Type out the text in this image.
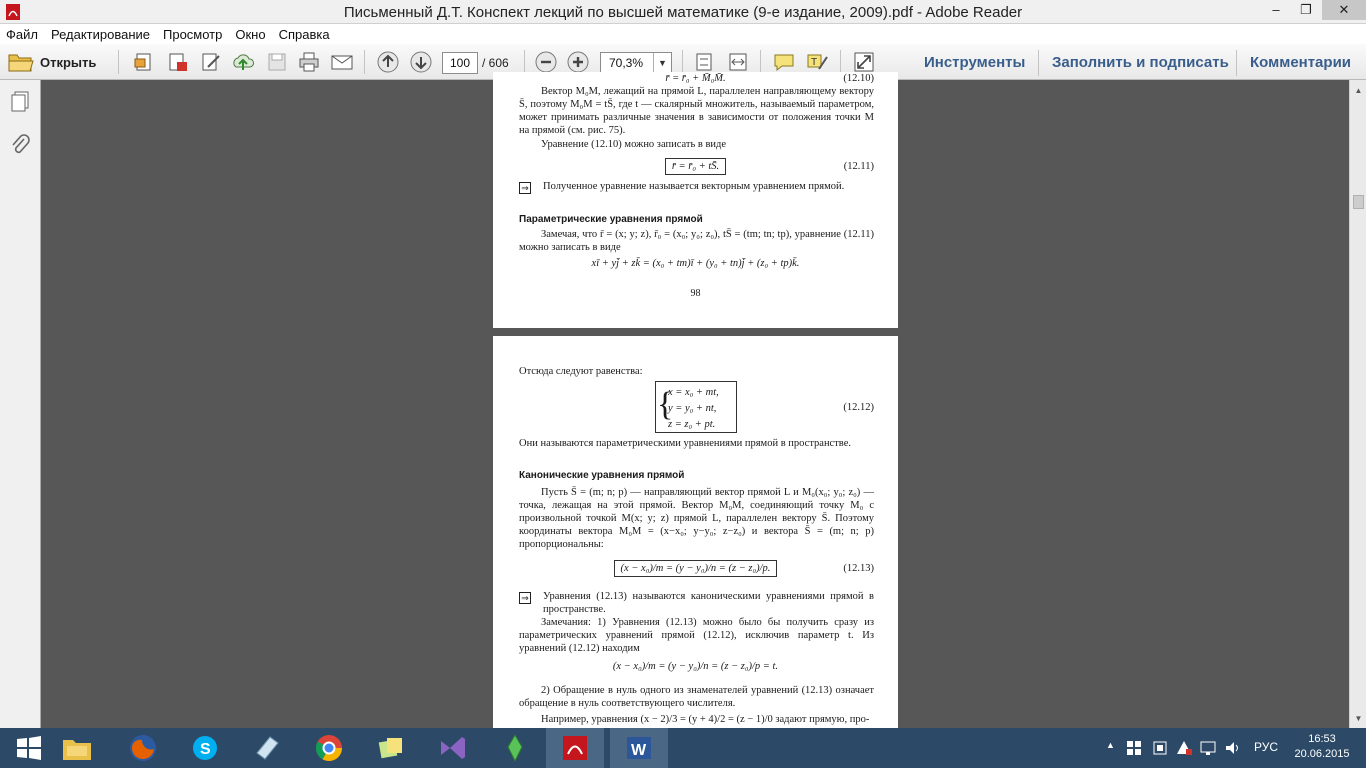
Письменный Д.Т. Конспект лекций по высшей математике (9-е издание, 2009).pdf - Adobe Reader	–	❐	✕
Файл Редактирование Просмотр Окно Справка
Открыть	100 / 606	70,3%	▼	T	Инструменты Заполнить и подписать Комментарии
r̄ = r̄₀ + M̄₀M̄.	(12.10)
Вектор M₀M, лежащий на прямой L, параллелен направляющему вектору S̄, поэтому M₀M = tS̄, где t — скалярный множитель, называемый параметром, может принимать различные значения в зависимости от положения точки M на прямой (см. рис. 75).
Уравнение (12.10) можно записать в виде
r̄ = r̄₀ + tS̄.	(12.11)
⇒ Полученное уравнение называется векторным уравнением прямой.
Параметрические уравнения прямой
Замечая, что r̄ = (x; y; z), r̄₀ = (x₀; y₀; z₀), tS̄ = (tm; tn; tp), уравнение (12.11) можно записать в виде
xī + yj̄ + zk̄ = (x₀ + tm)ī + (y₀ + tn)j̄ + (z₀ + tp)k̄.
98
Отсюда следуют равенства:
x = x₀ + mt,
y = y₀ + nt,
z = z₀ + pt.
{	(12.12)
Они называются параметрическими уравнениями прямой в пространстве.
Канонические уравнения прямой
Пусть S̄ = (m; n; p) — направляющий вектор прямой L и M₀(x₀; y₀; z₀) — точка, лежащая на этой прямой. Вектор M₀M, соединяющий точку M₀ с произвольной точкой M(x; y; z) прямой L, параллелен вектору S̄. Поэтому координаты вектора M₀M = (x−x₀; y−y₀; z−z₀) и вектора S̄ = (m; n; p) пропорциональны:
(x − x₀)/m = (y − y₀)/n = (z − z₀)/p.	(12.13)
⇒ Уравнения (12.13) называются каноническими уравнениями прямой в пространстве.
Замечания: 1) Уравнения (12.13) можно было бы получить сразу из параметрических уравнений прямой (12.12), исключив параметр t. Из уравнений (12.12) находим
(x − x₀)/m = (y − y₀)/n = (z − z₀)/p = t.
2) Обращение в нуль одного из знаменателей уравнений (12.13) означает обращение в нуль соответствующего числителя.
Например, уравнения (x − 2)/3 = (y + 4)/2 = (z − 1)/0 задают прямую, про-
▲
▼
S	W	▲	РУС
16:53
20.06.2015
